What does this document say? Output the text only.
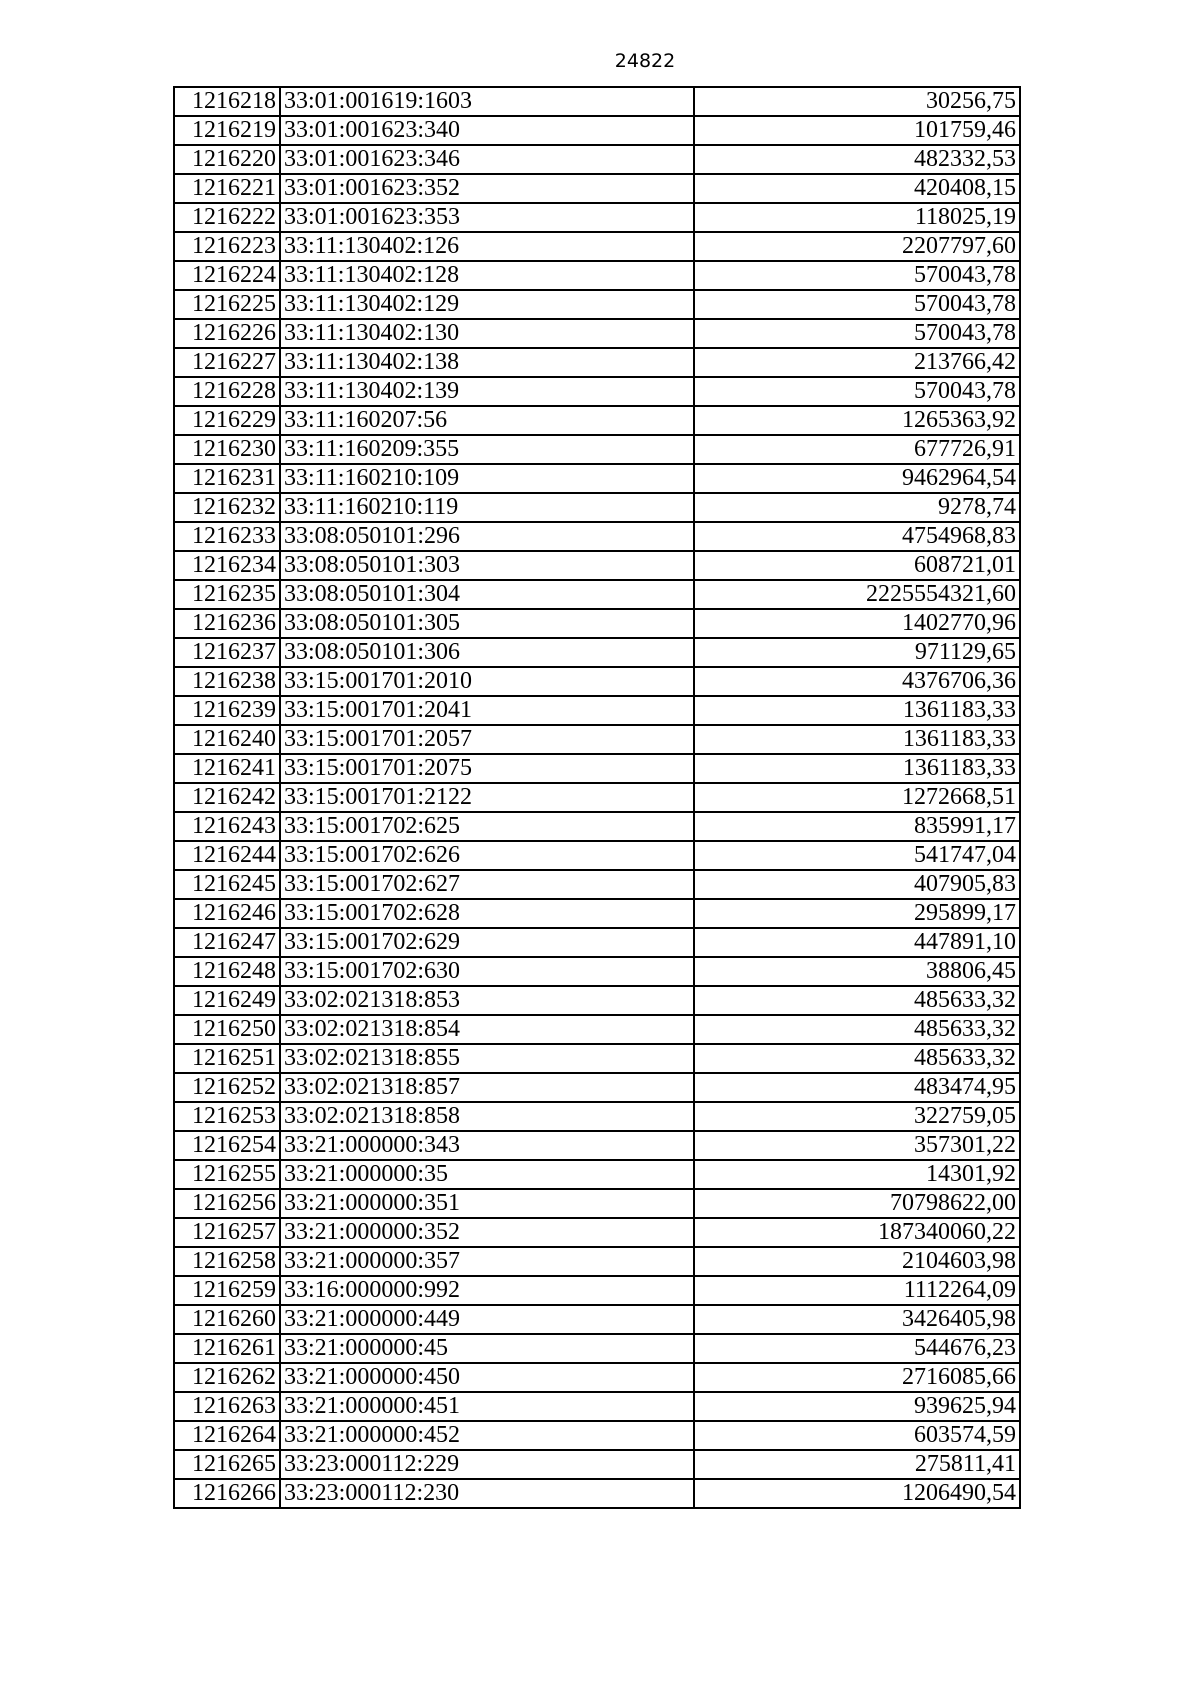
24822
1216218	33:01:001619:1603	30256,75
1216219	33:01:001623:340	101759,46
1216220	33:01:001623:346	482332,53
1216221	33:01:001623:352	420408,15
1216222	33:01:001623:353	118025,19
1216223	33:11:130402:126	2207797,60
1216224	33:11:130402:128	570043,78
1216225	33:11:130402:129	570043,78
1216226	33:11:130402:130	570043,78
1216227	33:11:130402:138	213766,42
1216228	33:11:130402:139	570043,78
1216229	33:11:160207:56	1265363,92
1216230	33:11:160209:355	677726,91
1216231	33:11:160210:109	9462964,54
1216232	33:11:160210:119	9278,74
1216233	33:08:050101:296	4754968,83
1216234	33:08:050101:303	608721,01
1216235	33:08:050101:304	2225554321,60
1216236	33:08:050101:305	1402770,96
1216237	33:08:050101:306	971129,65
1216238	33:15:001701:2010	4376706,36
1216239	33:15:001701:2041	1361183,33
1216240	33:15:001701:2057	1361183,33
1216241	33:15:001701:2075	1361183,33
1216242	33:15:001701:2122	1272668,51
1216243	33:15:001702:625	835991,17
1216244	33:15:001702:626	541747,04
1216245	33:15:001702:627	407905,83
1216246	33:15:001702:628	295899,17
1216247	33:15:001702:629	447891,10
1216248	33:15:001702:630	38806,45
1216249	33:02:021318:853	485633,32
1216250	33:02:021318:854	485633,32
1216251	33:02:021318:855	485633,32
1216252	33:02:021318:857	483474,95
1216253	33:02:021318:858	322759,05
1216254	33:21:000000:343	357301,22
1216255	33:21:000000:35	14301,92
1216256	33:21:000000:351	70798622,00
1216257	33:21:000000:352	187340060,22
1216258	33:21:000000:357	2104603,98
1216259	33:16:000000:992	1112264,09
1216260	33:21:000000:449	3426405,98
1216261	33:21:000000:45	544676,23
1216262	33:21:000000:450	2716085,66
1216263	33:21:000000:451	939625,94
1216264	33:21:000000:452	603574,59
1216265	33:23:000112:229	275811,41
1216266	33:23:000112:230	1206490,54
